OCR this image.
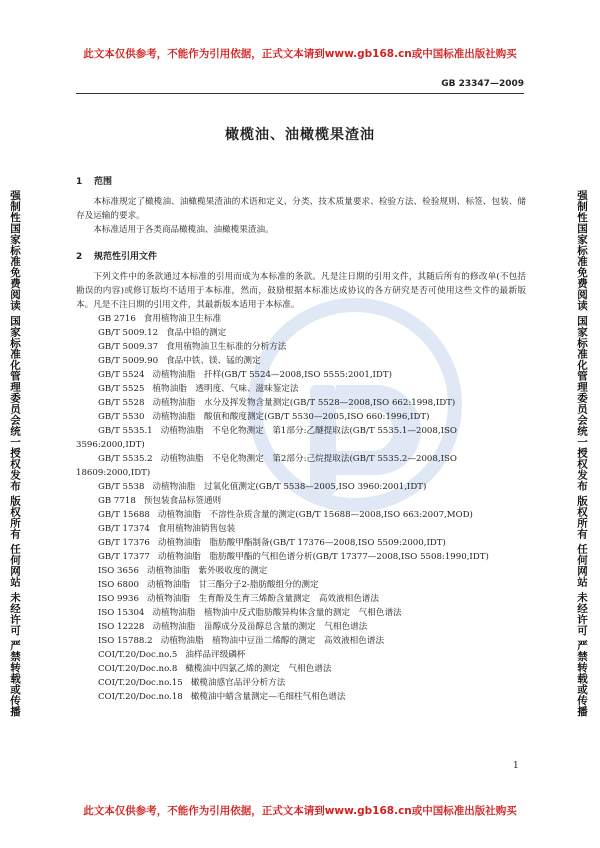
此文本仅供参考，不能作为引用依据，正式文本请到www.gb168.cn或中国标准出版社购买
GB 23347—2009
强制性国家标准免费阅读 国家标准化管理委员会统一授权发布 版权所有 任何网站 未经许可 严禁转载或传播	强制性国家标准免费阅读 国家标准化管理委员会统一授权发布 版权所有 任何网站 未经许可 严禁转载或传播
橄榄油、油橄榄果渣油
1 范围

本标准规定了橄榄油、油橄榄果渣油的术语和定义、分类、技术质量要求、检验方法、检验规则、标签、包装、储存及运输的要求。

本标准适用于各类商品橄榄油、油橄榄果渣油。

2 规范性引用文件

下列文件中的条款通过本标准的引用而成为本标准的条款。凡是注日期的引用文件，其随后所有的修改单(不包括勘误的内容)或修订版均不适用于本标准，然而，鼓励根据本标准达成协议的各方研究是否可使用这些文件的最新版本。凡是不注日期的引用文件，其最新版本适用于本标准。

GB 2716 食用植物油卫生标准
GB/T 5009.12 食品中铅的测定
GB/T 5009.37 食用植物油卫生标准的分析方法
GB/T 5009.90 食品中铁、镁、锰的测定
GB/T 5524 动植物油脂　扦样(GB/T 5524—2008,ISO 5555:2001,IDT)
GB/T 5525 植物油脂　透明度、气味、滋味鉴定法
GB/T 5528 动植物油脂　水分及挥发物含量测定(GB/T 5528—2008,ISO 662:1998,IDT)
GB/T 5530 动植物油脂　酸值和酸度测定(GB/T 5530—2005,ISO 660:1996,IDT)
GB/T 5535.1 动植物油脂　不皂化物测定　第1部分:乙醚提取法(GB/T 5535.1—2008,ISO 3596:2000,IDT)
GB/T 5535.2 动植物油脂　不皂化物测定　第2部分:己烷提取法(GB/T 5535.2—2008,ISO 18609:2000,IDT)
GB/T 5538 动植物油脂　过氧化值测定(GB/T 5538—2005,ISO 3960:2001,IDT)
GB 7718 预包装食品标签通则
GB/T 15688 动植物油脂　不溶性杂质含量的测定(GB/T 15688—2008,ISO 663:2007,MOD)
GB/T 17374 食用植物油销售包装
GB/T 17376 动植物油脂　脂肪酸甲酯制备(GB/T 17376—2008,ISO 5509:2000,IDT)
GB/T 17377 动植物油脂　脂肪酸甲酯的气相色谱分析(GB/T 17377—2008,ISO 5508:1990,IDT)
ISO 3656 动植物油脂　紫外吸收度的测定
ISO 6800 动植物油脂　甘三酯分子2-脂肪酸组分的测定
ISO 9936 动植物油脂　生育酚及生育三烯酚含量测定　高效液相色谱法
ISO 15304 动植物油脂　植物油中反式脂肪酸异构体含量的测定　气相色谱法
ISO 12228 动植物油脂　甾醇成分及甾醇总含量的测定　气相色谱法
ISO 15788.2 动植物油脂　植物油中豆甾二烯醇的测定　高效液相色谱法
COI/T.20/Doc.no.5 油样品评级磷杯
COI/T.20/Doc.no.8 橄榄油中四氯乙烯的测定　气相色谱法
COI/T.20/Doc.no.15 橄榄油感官品评分析方法
COI/T.20/Doc.no.18 橄榄油中蜡含量测定—毛细柱气相色谱法
1
此文本仅供参考，不能作为引用依据，正式文本请到www.gb168.cn或中国标准出版社购买
